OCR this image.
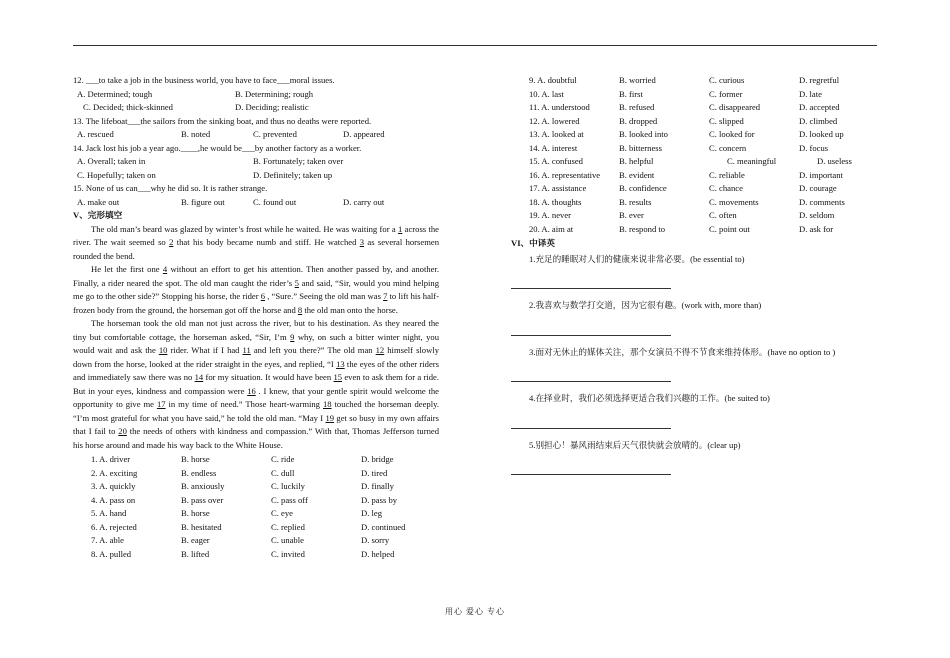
12. ___to take a job in the business world, you have to face___moral issues.
A. Determined; tough	B. Determining; rough
C. Decided; thick-skinned	D. Deciding; realistic
13. The lifeboat___the sailors from the sinking boat, and thus no deaths were reported.
A. rescued	B. noted	C. prevented	D. appeared
14. Jack lost his job a year ago.____,he would be___by another factory as a worker.
A. Overall; taken in	B. Fortunately; taken over
C. Hopefully; taken on	D. Definitely; taken up
15. None of us can___why he did so. It is rather strange.
A. make out	B. figure out	C. found out	D. carry out
V、完形填空
The old man’s beard was glazed by winter’s frost while he waited. He was waiting for a 1 across the river. The wait seemed so 2 that his body became numb and stiff. He watched 3 as several horsemen rounded the bend.
He let the first one 4 without an effort to get his attention. Then another passed by, and another. Finally, a rider neared the spot. The old man caught the rider’s 5 and said, “Sir, would you mind helping me go to the other side?” Stopping his horse, the rider 6 , “Sure.” Seeing the old man was 7 to lift his half-frozen body from the ground, the horseman got off the horse and 8 the old man onto the horse.
The horseman took the old man not just across the river, but to his destination. As they neared the tiny but comfortable cottage, the horseman asked, “Sir, I’m 9 why, on such a bitter winter night, you would wait and ask the 10 rider. What if I had 11 and left you there?” The old man 12 himself slowly down from the horse, looked at the rider straight in the eyes, and replied, “I 13 the eyes of the other riders and immediately saw there was no 14 for my situation. It would have been 15 even to ask them for a ride. But in your eyes, kindness and compassion were 16 . I knew, that your gentle spirit would welcome the opportunity to give me 17 in my time of need.” Those heart-warming 18 touched the horseman deeply. “I’m most grateful for what you have said,” he told the old man. “May I 19 get so busy in my own affairs that I fail to 20 the needs of others with kindness and compassion.” With that, Thomas Jefferson turned his horse around and made his way back to the White House.
1. A. driver	B. horse	C. ride	D. bridge
2. A. exciting	B. endless	C. dull	D. tired
3. A. quickly	B. anxiously	C. luckily	D. finally
4. A. pass on	B. pass over	C. pass off	D. pass by
5. A. hand	B. horse	C. eye	D. leg
6. A. rejected	B. hesitated	C. replied	D. continued
7. A. able	B. eager	C. unable	D. sorry
8. A. pulled	B. lifted	C. invited	D. helped
9. A. doubtful	B. worried	C. curious	D. regretful
10. A. last	B. first	C. former	D. late
11. A. understood	B. refused	C. disappeared	D. accepted
12. A. lowered	B. dropped	C. slipped	D. climbed
13. A. looked at	B. looked into	C. looked for	D. looked up
14. A. interest	B. bitterness	C. concern	D. focus
15. A. confused	B. helpful	C. meaningful	D. useless
16. A. representative	B. evident	C. reliable	D. important
17. A. assistance	B. confidence	C. chance	D. courage
18. A. thoughts	B. results	C. movements	D. comments
19. A. never	B. ever	C. often	D. seldom
20. A. aim at	B. respond to	C. point out	D. ask for
VI、中译英
1.充足的睡眠对人们的健康来说非常必要。(be essential to)
2.我喜欢与数学打交道，因为它很有趣。(work with, more than)
3.面对无休止的媒体关注，那个女演员不得不节食来维持体形。(have no option to )
4.在择业时，我们必须选择更适合我们兴趣的工作。(be suited to)
5.别担心！暴风雨结束后天气很快就会放晴的。(clear up)
用心 爱心 专心
